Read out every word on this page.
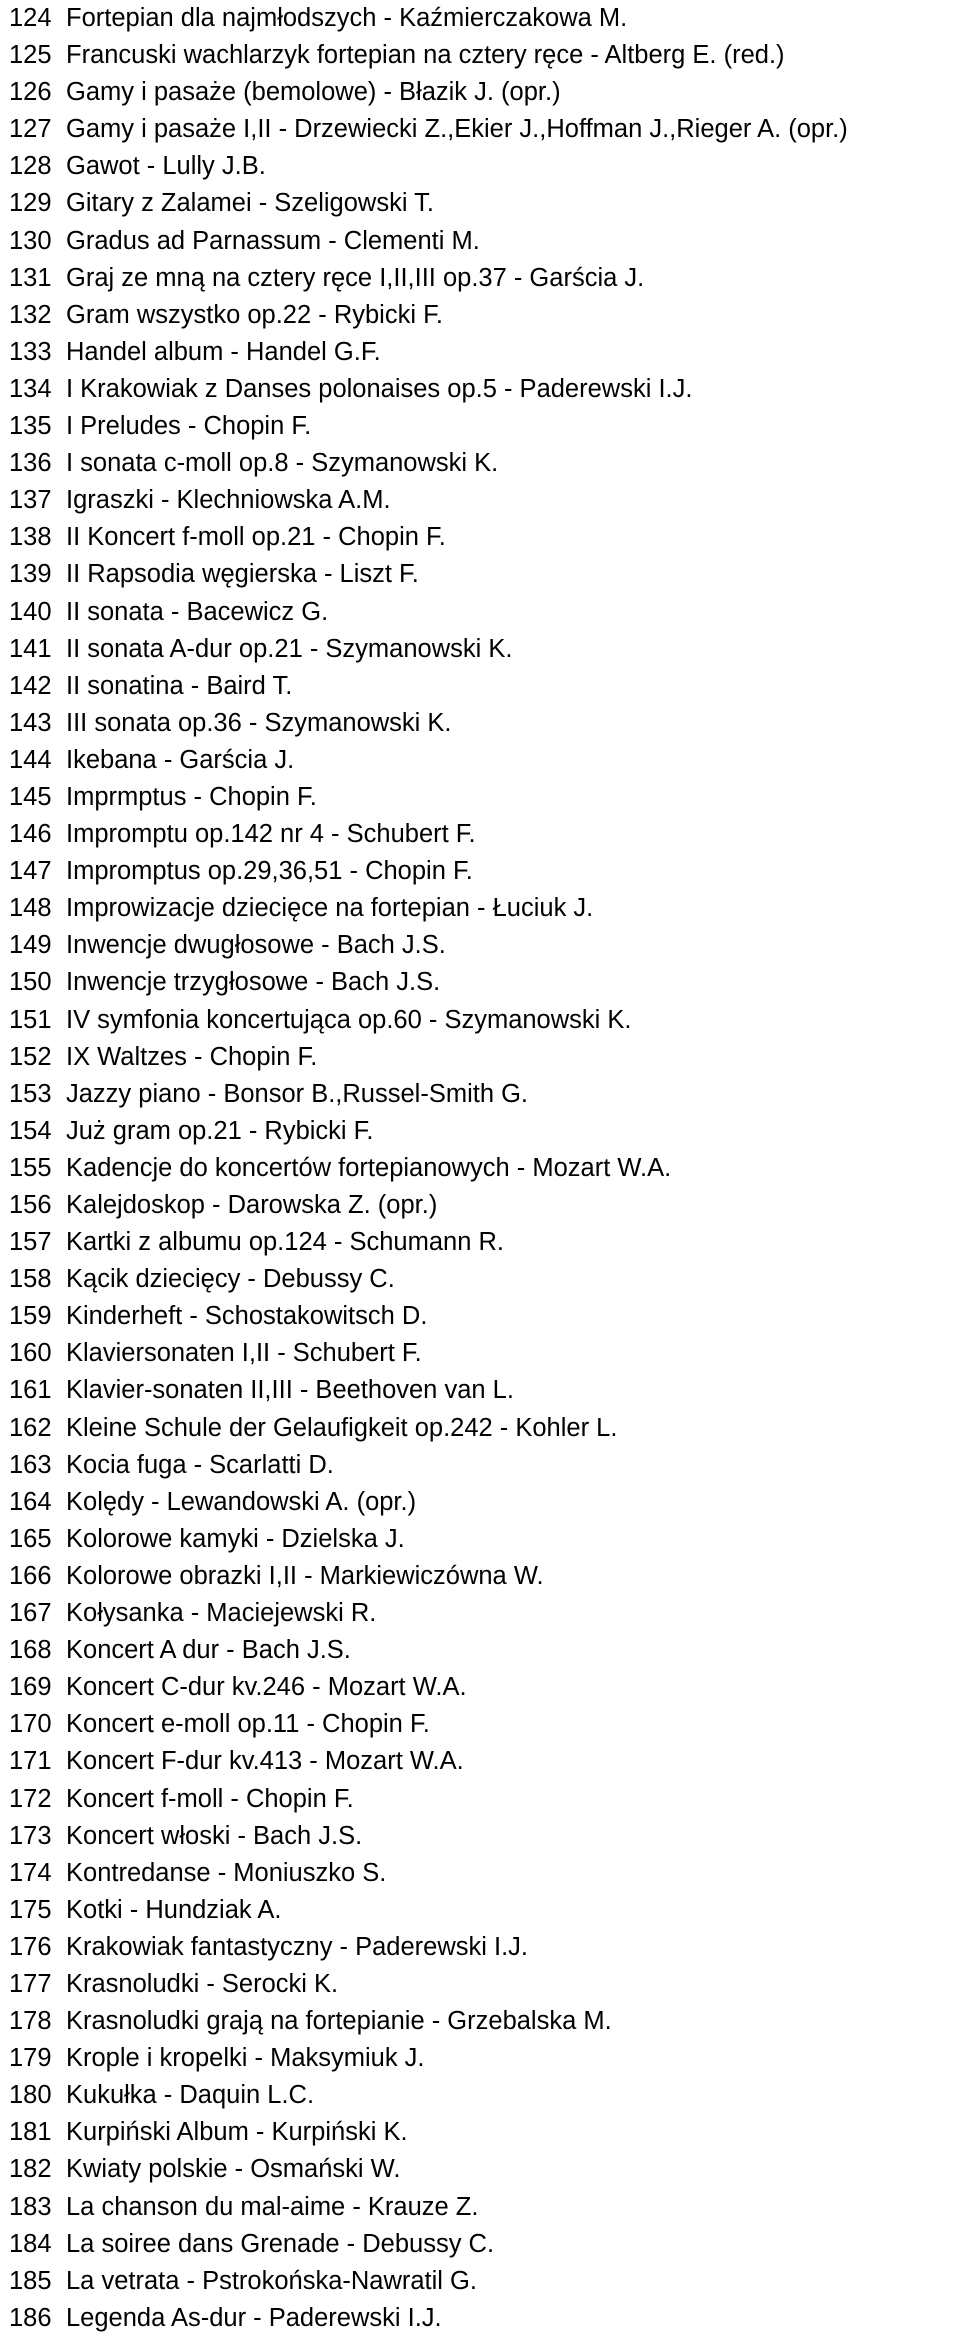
124 Fortepian dla najmłodszych - Kaźmierczakowa M.
125 Francuski wachlarzyk fortepian na cztery ręce - Altberg E. (red.)
126 Gamy i pasaże (bemolowe) - Błazik J. (opr.)
127 Gamy i pasaże I,II - Drzewiecki Z.,Ekier J.,Hoffman J.,Rieger A. (opr.)
128 Gawot - Lully J.B.
129 Gitary z Zalamei - Szeligowski T.
130 Gradus ad Parnassum - Clementi M.
131 Graj ze mną na cztery ręce I,II,III op.37 - Garścia J.
132 Gram wszystko op.22 - Rybicki F.
133 Handel album - Handel G.F.
134 I Krakowiak z Danses polonaises op.5 - Paderewski I.J.
135 I Preludes - Chopin F.
136 I sonata c-moll op.8 - Szymanowski K.
137 Igraszki - Klechniowska A.M.
138 II Koncert f-moll op.21 - Chopin F.
139 II Rapsodia węgierska - Liszt F.
140 II sonata - Bacewicz G.
141 II sonata A-dur op.21 - Szymanowski K.
142 II sonatina - Baird T.
143 III sonata op.36 - Szymanowski K.
144 Ikebana - Garścia J.
145 Imprmptus - Chopin F.
146 Impromptu op.142 nr 4 - Schubert F.
147 Impromptus op.29,36,51 - Chopin F.
148 Improwizacje dziecięce na fortepian - Łuciuk J.
149 Inwencje dwugłosowe - Bach J.S.
150 Inwencje trzygłosowe - Bach J.S.
151 IV symfonia koncertująca op.60 - Szymanowski K.
152 IX Waltzes - Chopin F.
153 Jazzy piano - Bonsor B.,Russel-Smith G.
154 Już gram op.21 - Rybicki F.
155 Kadencje do koncertów fortepianowych - Mozart W.A.
156 Kalejdoskop - Darowska Z. (opr.)
157 Kartki z albumu op.124 - Schumann R.
158 Kącik dziecięcy - Debussy C.
159 Kinderheft - Schostakowitsch D.
160 Klaviersonaten I,II - Schubert F.
161 Klavier-sonaten II,III - Beethoven van L.
162 Kleine Schule der Gelaufigkeit op.242 - Kohler L.
163 Kocia fuga - Scarlatti D.
164 Kolędy - Lewandowski A. (opr.)
165 Kolorowe kamyki - Dzielska J.
166 Kolorowe obrazki I,II - Markiewiczówna W.
167 Kołysanka - Maciejewski R.
168 Koncert A dur - Bach J.S.
169 Koncert C-dur kv.246 - Mozart W.A.
170 Koncert e-moll op.11 - Chopin F.
171 Koncert F-dur kv.413 - Mozart W.A.
172 Koncert f-moll - Chopin F.
173 Koncert włoski - Bach J.S.
174 Kontredanse - Moniuszko S.
175 Kotki - Hundziak A.
176 Krakowiak fantastyczny - Paderewski I.J.
177 Krasnoludki - Serocki K.
178 Krasnoludki grają na fortepianie - Grzebalska M.
179 Krople i kropelki - Maksymiuk J.
180 Kukułka - Daquin L.C.
181 Kurpiński Album - Kurpiński K.
182 Kwiaty polskie - Osmański W.
183 La chanson du mal-aime - Krauze Z.
184 La soiree dans Grenade - Debussy C.
185 La vetrata - Pstrokońska-Nawratil G.
186 Legenda As-dur - Paderewski I.J.
